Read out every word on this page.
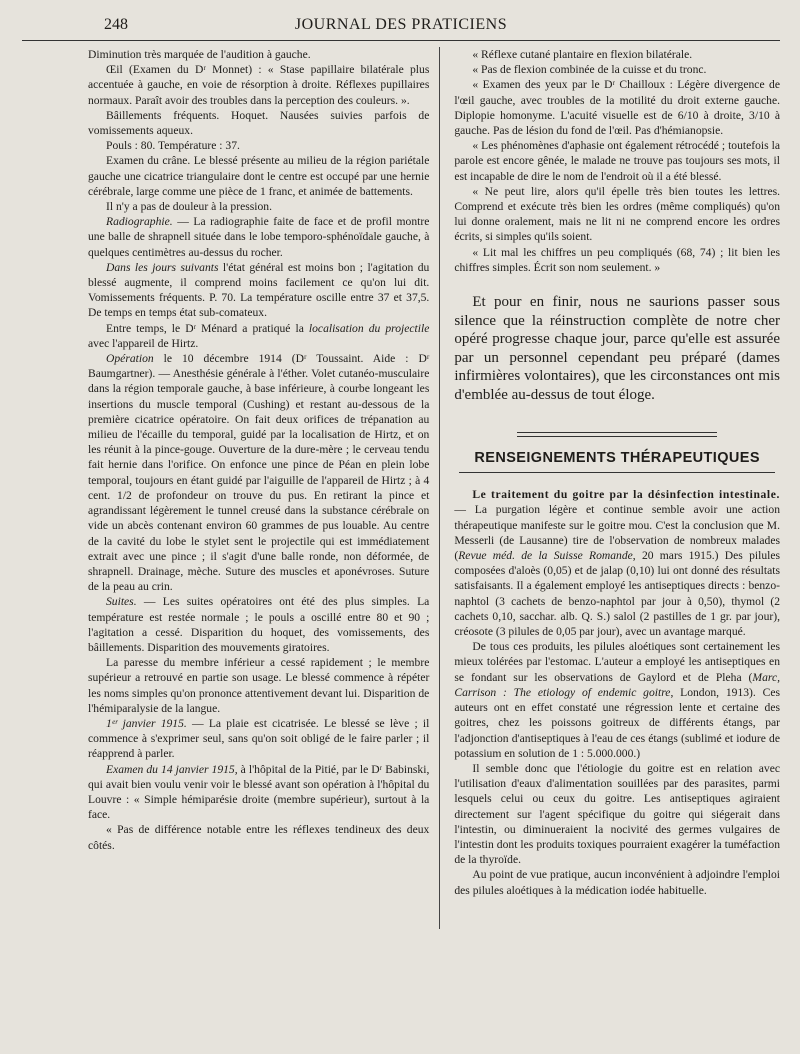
248	JOURNAL DES PRATICIENS

Diminution très marquée de l'audition à gauche.

Œil (Examen du Dʳ Monnet) : « Stase papillaire bilatérale plus accentuée à gauche, en voie de résorption à droite. Réflexes pupillaires normaux. Paraît avoir des troubles dans la perception des couleurs. ».

Bâillements fréquents. Hoquet. Nausées suivies parfois de vomissements aqueux.

Pouls : 80. Température : 37.

Examen du crâne. Le blessé présente au milieu de la région pariétale gauche une cicatrice triangulaire dont le centre est occupé par une hernie cérébrale, large comme une pièce de 1 franc, et animée de battements.

Il n'y a pas de douleur à la pression.

Radiographie. — La radiographie faite de face et de profil montre une balle de shrapnell située dans le lobe temporo-sphénoïdale gauche, à quelques centimètres au-dessus du rocher.

Dans les jours suivants l'état général est moins bon ; l'agitation du blessé augmente, il comprend moins facilement ce qu'on lui dit. Vomissements fréquents. P. 70. La température oscille entre 37 et 37,5. De temps en temps état sub-comateux.

Entre temps, le Dʳ Ménard a pratiqué la localisation du projectile avec l'appareil de Hirtz.

Opération le 10 décembre 1914 (Dʳ Toussaint. Aide : Dʳ Baumgartner). — Anesthésie générale à l'éther. Volet cutanéo-musculaire dans la région temporale gauche, à base inférieure, à courbe longeant les insertions du muscle temporal (Cushing) et restant au-dessous de la première cicatrice opératoire. On fait deux orifices de trépanation au milieu de l'écaille du temporal, guidé par la localisation de Hirtz, et on les réunit à la pince-gouge. Ouverture de la dure-mère ; le cerveau tendu fait hernie dans l'orifice. On enfonce une pince de Péan en plein lobe temporal, toujours en étant guidé par l'aiguille de l'appareil de Hirtz ; à 4 cent. 1/2 de profondeur on trouve du pus. En retirant la pince et agrandissant légèrement le tunnel creusé dans la substance cérébrale on vide un abcès contenant environ 60 grammes de pus louable. Au centre de la cavité du lobe le stylet sent le projectile qui est immédiatement extrait avec une pince ; il s'agit d'une balle ronde, non déformée, de shrapnell. Drainage, mèche. Suture des muscles et aponévroses. Suture de la peau au crin.

Suites. — Les suites opératoires ont été des plus simples. La température est restée normale ; le pouls a oscillé entre 80 et 90 ; l'agitation a cessé. Disparition du hoquet, des vomissements, des bâillements. Disparition des mouvements giratoires.

La paresse du membre inférieur a cessé rapidement ; le membre supérieur a retrouvé en partie son usage. Le blessé commence à répéter les noms simples qu'on prononce attentivement devant lui. Disparition de l'hémiparalysie de la langue.

1ᵉʳ janvier 1915. — La plaie est cicatrisée. Le blessé se lève ; il commence à s'exprimer seul, sans qu'on soit obligé de le faire parler ; il réapprend à parler.

Examen du 14 janvier 1915, à l'hôpital de la Pitié, par le Dʳ Babinski, qui avait bien voulu venir voir le blessé avant son opération à l'hôpital du Louvre : « Simple hémiparésie droite (membre supérieur), surtout à la face.

« Pas de différence notable entre les réflexes tendineux des deux côtés.

« Réflexe cutané plantaire en flexion bilatérale.

« Pas de flexion combinée de la cuisse et du tronc.

« Examen des yeux par le Dʳ Chailloux : Légère divergence de l'œil gauche, avec troubles de la motilité du droit externe gauche. Diplopie homonyme. L'acuité visuelle est de 6/10 à droite, 3/10 à gauche. Pas de lésion du fond de l'œil. Pas d'hémianopsie.

« Les phénomènes d'aphasie ont également rétrocédé ; toutefois la parole est encore gênée, le malade ne trouve pas toujours ses mots, il est incapable de dire le nom de l'endroit où il a été blessé.

« Ne peut lire, alors qu'il épelle très bien toutes les lettres. Comprend et exécute très bien les ordres (même compliqués) qu'on lui donne oralement, mais ne lit ni ne comprend encore les ordres écrits, si simples qu'ils soient.

« Lit mal les chiffres un peu compliqués (68, 74) ; lit bien les chiffres simples. Écrit son nom seulement. »

Et pour en finir, nous ne saurions passer sous silence que la réinstruction complète de notre cher opéré progresse chaque jour, parce qu'elle est assurée par un personnel cependant peu préparé (dames infirmières volontaires), que les circonstances ont mis d'emblée au-dessus de tout éloge.

RENSEIGNEMENTS THÉRAPEUTIQUES

Le traitement du goitre par la désinfection intestinale. — La purgation légère et continue semble avoir une action thérapeutique manifeste sur le goitre mou. C'est la conclusion que M. Messerli (de Lausanne) tire de l'observation de nombreux malades (Revue méd. de la Suisse Romande, 20 mars 1915.) Des pilules composées d'aloès (0,05) et de jalap (0,10) lui ont donné des résultats satisfaisants. Il a également employé les antiseptiques directs : benzo-naphtol (3 cachets de benzo-naphtol par jour à 0,50), thymol (2 cachets 0,10, sacchar. alb. Q. S.) salol (2 pastilles de 1 gr. par jour), créosote (3 pilules de 0,05 par jour), avec un avantage marqué.

De tous ces produits, les pilules aloétiques sont certainement les mieux tolérées par l'estomac. L'auteur a employé les antiseptiques en se fondant sur les observations de Gaylord et de Pleha (Marc, Carrison : The etiology of endemic goitre, London, 1913). Ces auteurs ont en effet constaté une régression lente et certaine des goitres, chez les poissons goitreux de différents étangs, par l'adjonction d'antiseptiques à l'eau de ces étangs (sublimé et iodure de potassium en solution de 1 : 5.000.000.)

Il semble donc que l'étiologie du goitre est en relation avec l'utilisation d'eaux d'alimentation souillées par des parasites, parmi lesquels celui ou ceux du goitre. Les antiseptiques agiraient directement sur l'agent spécifique du goitre qui siégerait dans l'intestin, ou diminueraient la nocivité des germes vulgaires de l'intestin dont les produits toxiques pourraient exagérer la tuméfaction de la thyroïde.

Au point de vue pratique, aucun inconvénient à adjoindre l'emploi des pilules aloétiques à la médication iodée habituelle.
